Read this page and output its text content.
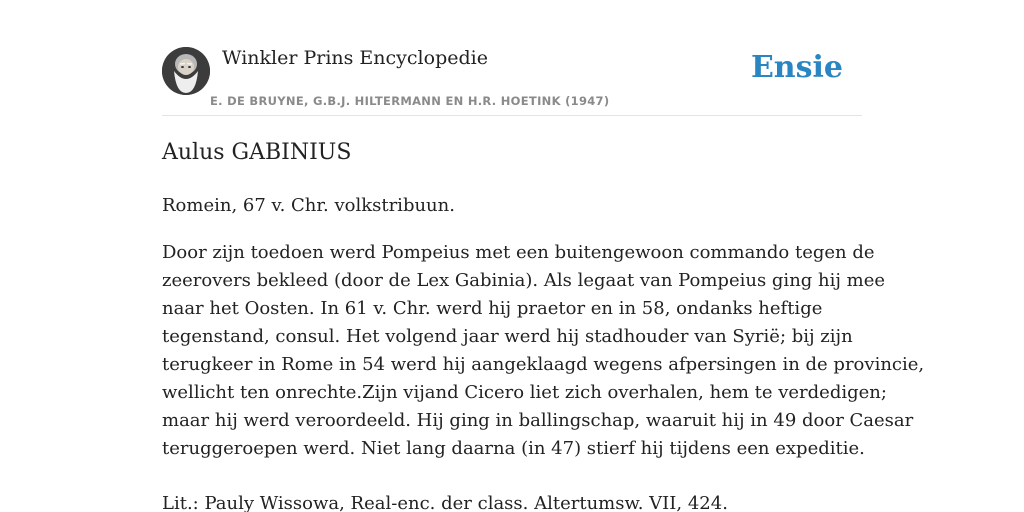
Winkler Prins Encyclopedie
E. DE BRUYNE, G.B.J. HILTERMANN EN H.R. HOETINK (1947)
Ensie
Aulus GABINIUS

Romein, 67 v. Chr. volkstribuun.

Door zijn toedoen werd Pompeius met een buitengewoon commando tegen de
zeerovers bekleed (door de Lex Gabinia). Als legaat van Pompeius ging hij mee
naar het Oosten. In 61 v. Chr. werd hij praetor en in 58, ondanks heftige
tegenstand, consul. Het volgend jaar werd hij stadhouder van Syrië; bij zijn
terugkeer in Rome in 54 werd hij aangeklaagd wegens afpersingen in de provincie,
wellicht ten onrechte.Zijn vijand Cicero liet zich overhalen, hem te verdedigen;
maar hij werd veroordeeld. Hij ging in ballingschap, waaruit hij in 49 door Caesar
teruggeroepen werd. Niet lang daarna (in 47) stierf hij tijdens een expeditie.

Lit.: Pauly Wissowa, Real-enc. der class. Altertumsw. VII, 424.
